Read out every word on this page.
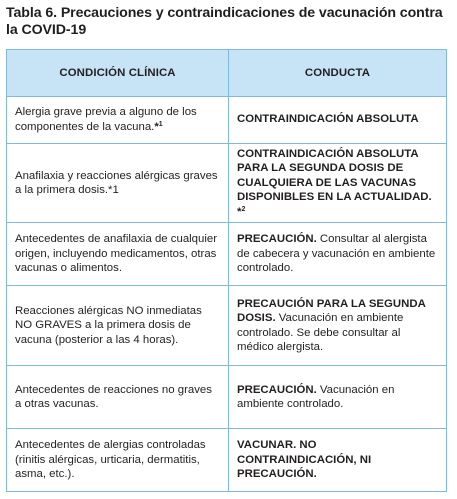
Tabla 6. Precauciones y contraindicaciones de vacunación contra la COVID-19
CONDICIÓN CLÍNICA	CONDUCTA
Alergia grave previa a alguno de los componentes de la vacuna.*$^1$	CONTRAINDICACIÓN ABSOLUTA
Anafilaxia y reacciones alérgicas graves a la primera dosis.*1
CONTRAINDICACIÓN ABSOLUTA PARA LA SEGUNDA DOSIS DE CUALQUIERA DE LAS VACUNAS DISPONIBLES EN LA ACTUALIDAD. *$^2$
Antecedentes de anafilaxia de cualquier origen, incluyendo medicamentos, otras vacunas o alimentos.
PRECAUCIÓN. Consultar al alergista de cabecera y vacunación en ambiente controlado.
Reacciones alérgicas NO inmediatas NO GRAVES a la primera dosis de vacuna (posterior a las 4 horas).
PRECAUCIÓN PARA LA SEGUNDA DOSIS. Vacunación en ambiente controlado. Se debe consultar al médico alergista.
Antecedentes de reacciones no graves a otras vacunas.
PRECAUCIÓN. Vacunación en ambiente controlado.
Antecedentes de alergias controladas (rinitis alérgicas, urticaria, dermatitis, asma, etc.).
VACUNAR. NO CONTRAINDICACIÓN, NI PRECAUCIÓN.
